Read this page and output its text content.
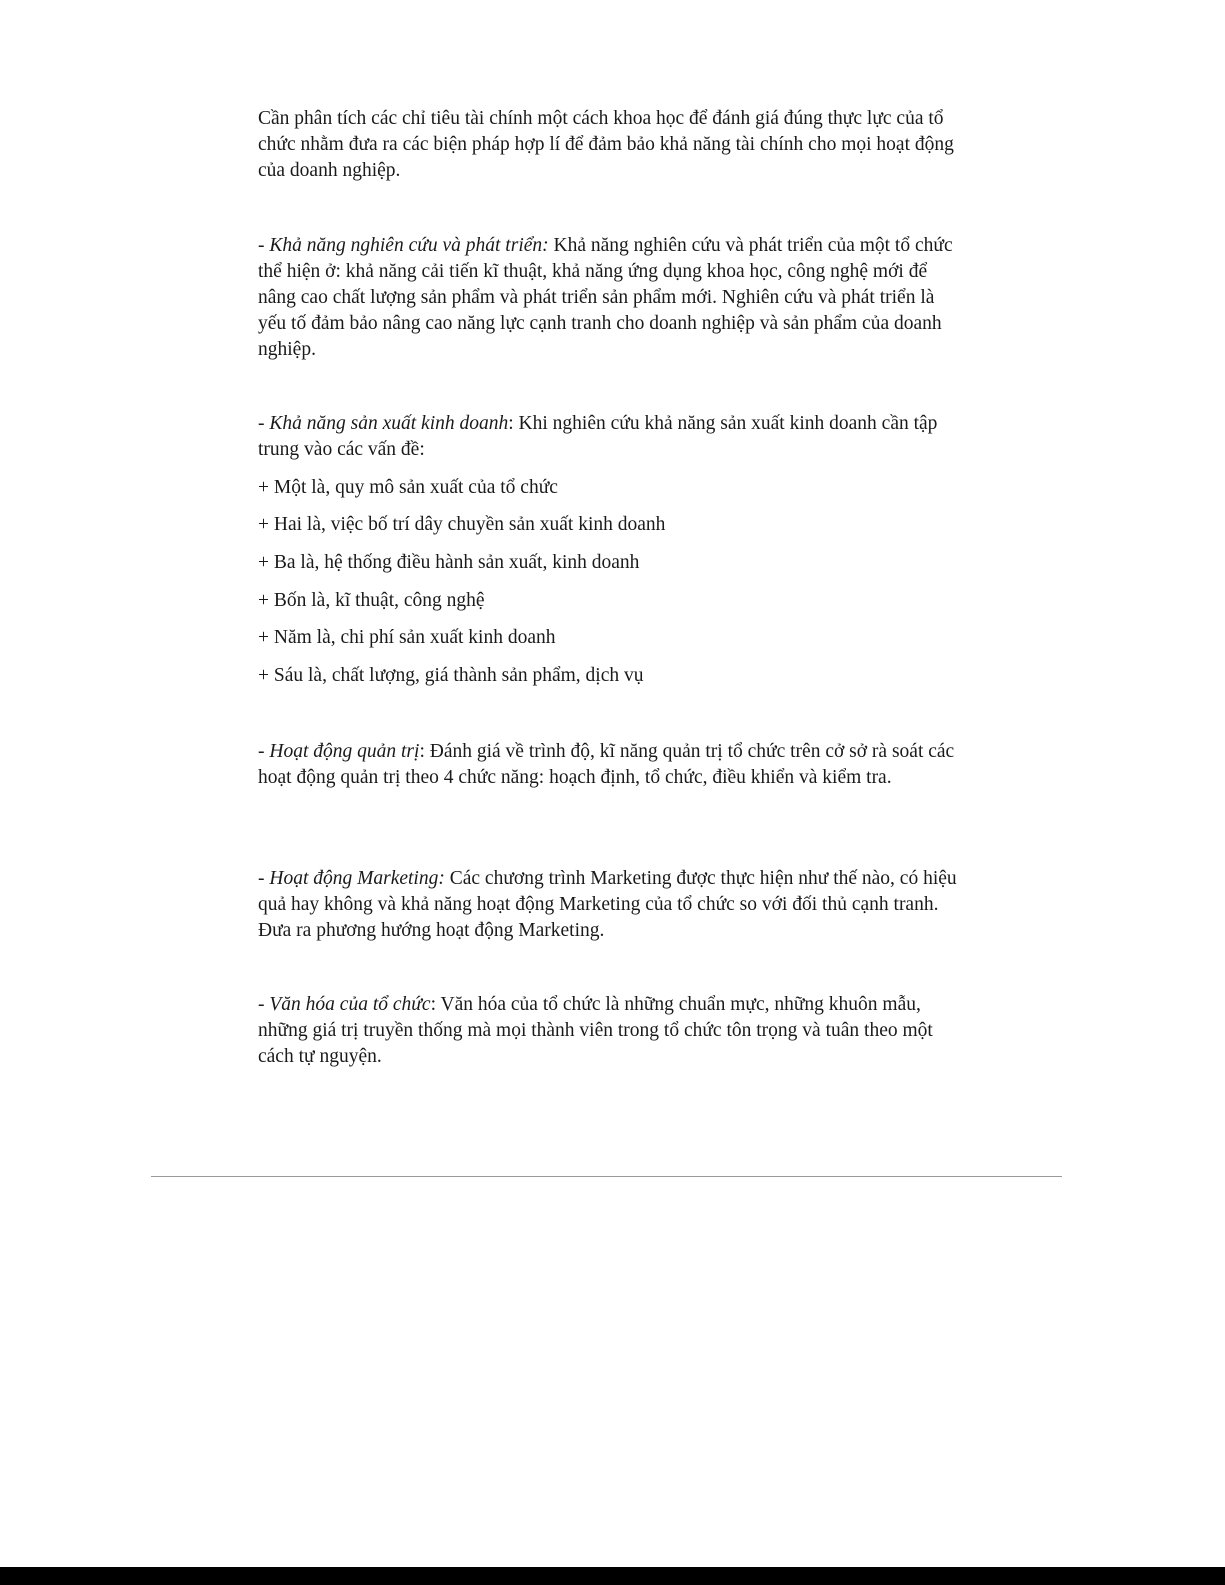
Cần phân tích các chỉ tiêu tài chính một cách khoa học để đánh giá đúng thực lực của tổ chức nhằm đưa ra các biện pháp hợp lí để đảm bảo khả năng tài chính cho mọi hoạt động của doanh nghiệp.

- Khả năng nghiên cứu và phát triển: Khả năng nghiên cứu và phát triển của một tổ chức thể hiện ở: khả năng cải tiến kĩ thuật, khả năng ứng dụng khoa học, công nghệ mới để nâng cao chất lượng sản phẩm và phát triển sản phẩm mới. Nghiên cứu và phát triển là yếu tố đảm bảo nâng cao năng lực cạnh tranh cho doanh nghiệp và sản phẩm của doanh nghiệp.

- Khả năng sản xuất kinh doanh: Khi nghiên cứu khả năng sản xuất kinh doanh cần tập trung vào các vấn đề:

+ Một là, quy mô sản xuất của tổ chức
+ Hai là, việc bố trí dây chuyền sản xuất kinh doanh
+ Ba là, hệ thống điều hành sản xuất, kinh doanh
+ Bốn là, kĩ thuật, công nghệ
+ Năm là, chi phí sản xuất kinh doanh
+ Sáu là, chất lượng, giá thành sản phẩm, dịch vụ

- Hoạt động quản trị: Đánh giá về trình độ, kĩ năng quản trị tổ chức trên cở sở rà soát các hoạt động quản trị theo 4 chức năng: hoạch định, tổ chức, điều khiển và kiểm tra.

- Hoạt động Marketing: Các chương trình Marketing được thực hiện như thế nào, có hiệu quả hay không và khả năng hoạt động Marketing của tổ chức so với đối thủ cạnh tranh. Đưa ra phương hướng hoạt động Marketing.

- Văn hóa của tổ chức: Văn hóa của tổ chức là những chuẩn mực, những khuôn mẫu, những giá trị truyền thống mà mọi thành viên trong tổ chức tôn trọng và tuân theo một cách tự nguyện.
